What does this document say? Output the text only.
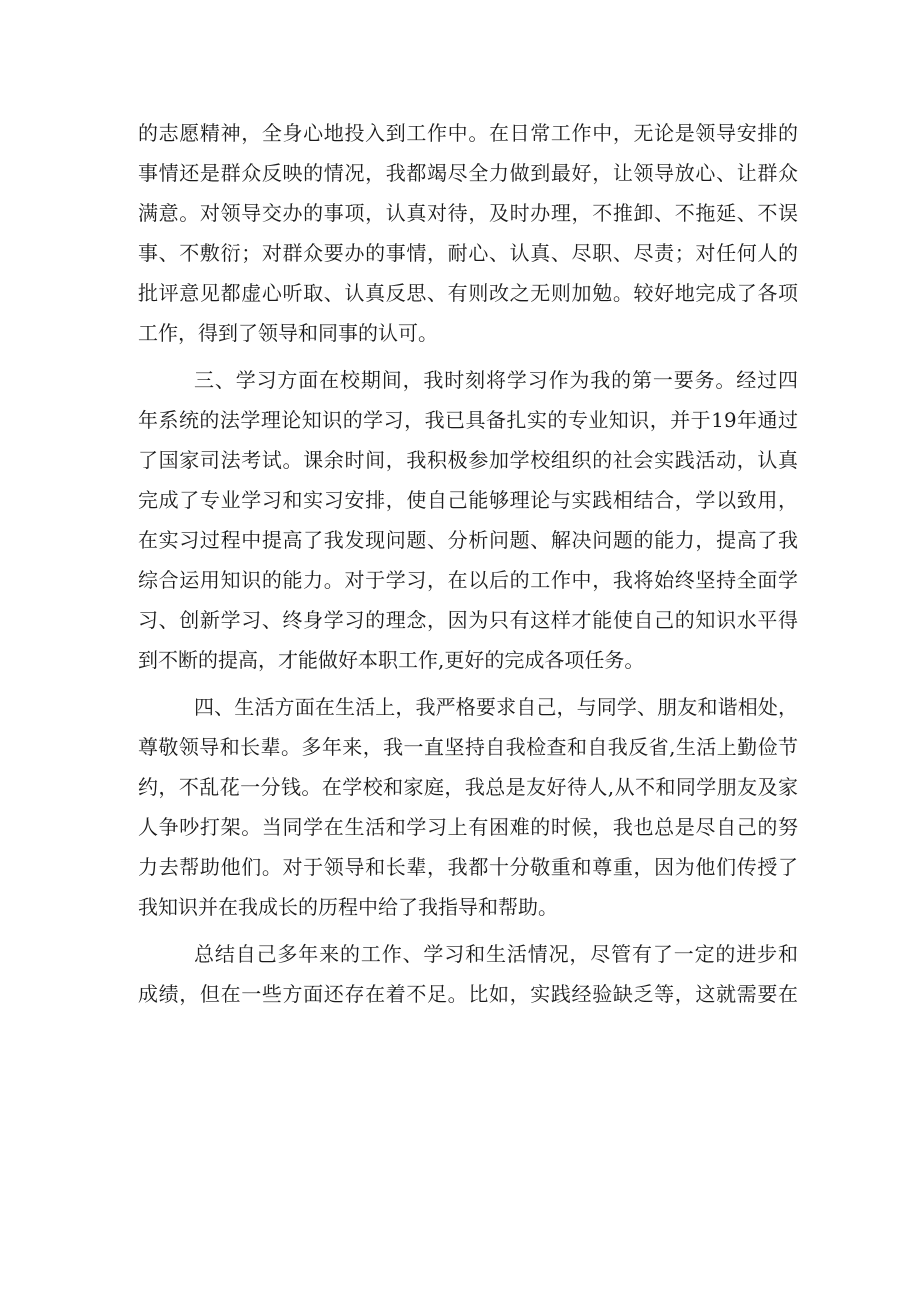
的志愿精神，全身心地投入到工作中。在日常工作中，无论是领导安排的
事情还是群众反映的情况，我都竭尽全力做到最好，让领导放心、让群众
满意。对领导交办的事项，认真对待，及时办理，不推卸、不拖延、不误
事、不敷衍；对群众要办的事情，耐心、认真、尽职、尽责；对任何人的
批评意见都虚心听取、认真反思、有则改之无则加勉。较好地完成了各项
工作，得到了领导和同事的认可。
三、学习方面在校期间，我时刻将学习作为我的第一要务。经过四
年系统的法学理论知识的学习，我已具备扎实的专业知识，并于19年通过
了国家司法考试。课余时间，我积极参加学校组织的社会实践活动，认真
完成了专业学习和实习安排，使自己能够理论与实践相结合，学以致用，
在实习过程中提高了我发现问题、分析问题、解决问题的能力，提高了我
综合运用知识的能力。对于学习，在以后的工作中，我将始终坚持全面学
习、创新学习、终身学习的理念，因为只有这样才能使自己的知识水平得
到不断的提高，才能做好本职工作,更好的完成各项任务。
四、生活方面在生活上，我严格要求自己，与同学、朋友和谐相处，
尊敬领导和长辈。多年来，我一直坚持自我检查和自我反省,生活上勤俭节
约，不乱花一分钱。在学校和家庭，我总是友好待人,从不和同学朋友及家
人争吵打架。当同学在生活和学习上有困难的时候，我也总是尽自己的努
力去帮助他们。对于领导和长辈，我都十分敬重和尊重，因为他们传授了
我知识并在我成长的历程中给了我指导和帮助。
总结自己多年来的工作、学习和生活情况，尽管有了一定的进步和
成绩，但在一些方面还存在着不足。比如，实践经验缺乏等，这就需要在
